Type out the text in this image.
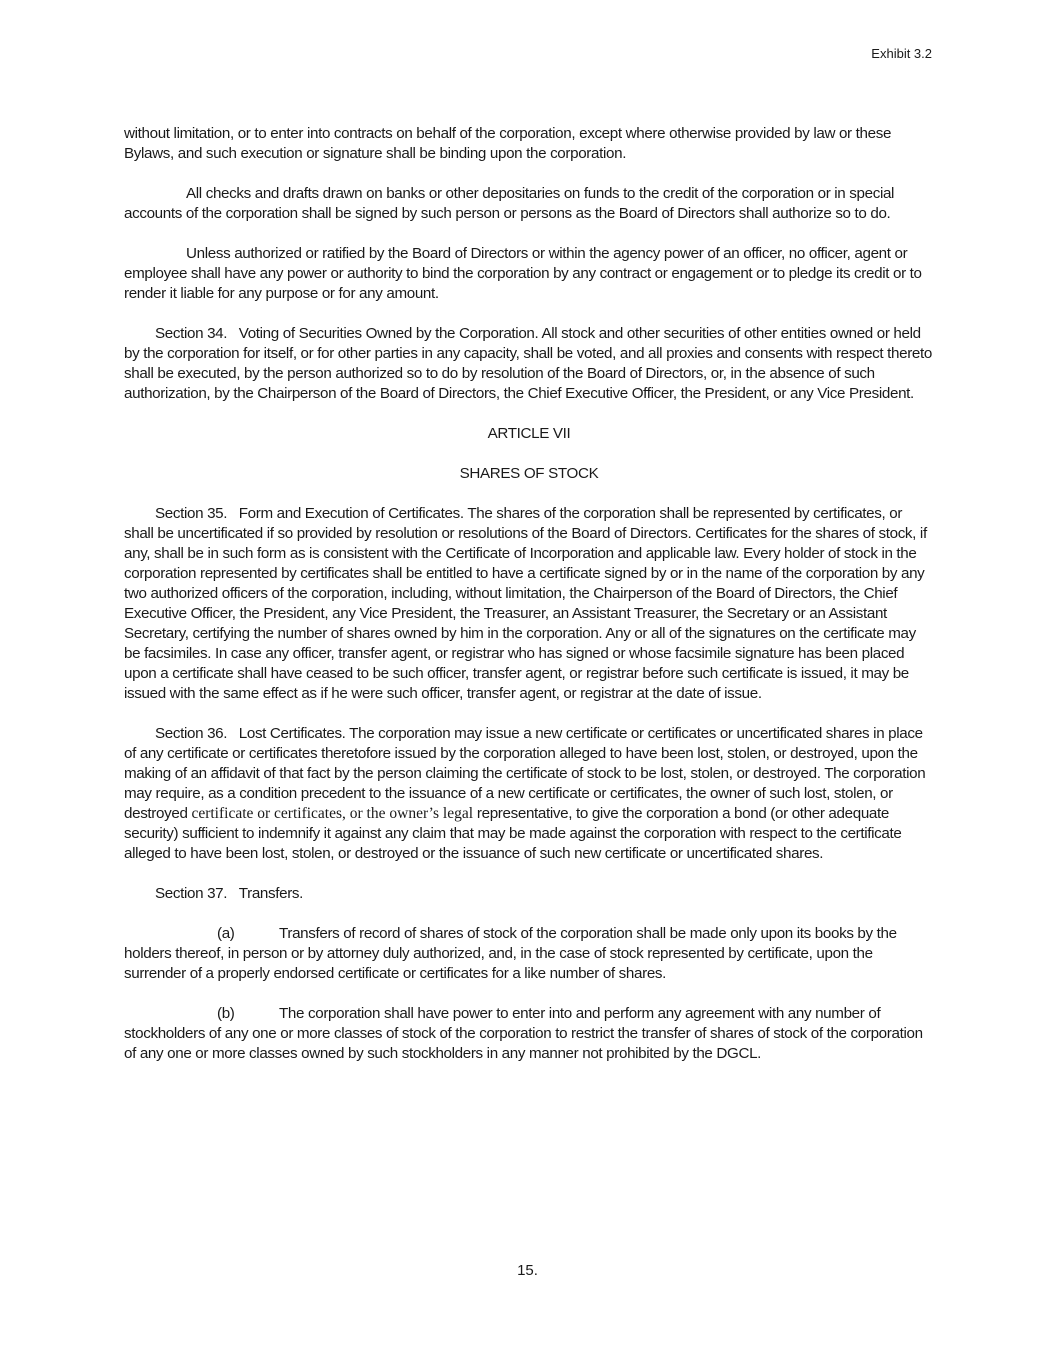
Exhibit 3.2

without limitation, or to enter into contracts on behalf of the corporation, except where otherwise provided by law or these Bylaws, and such execution or signature shall be binding upon the corporation.

All checks and drafts drawn on banks or other depositaries on funds to the credit of the corporation or in special accounts of the corporation shall be signed by such person or persons as the Board of Directors shall authorize so to do.

Unless authorized or ratified by the Board of Directors or within the agency power of an officer, no officer, agent or employee shall have any power or authority to bind the corporation by any contract or engagement or to pledge its credit or to render it liable for any purpose or for any amount.

Section 34. Voting of Securities Owned by the Corporation. All stock and other securities of other entities owned or held by the corporation for itself, or for other parties in any capacity, shall be voted, and all proxies and consents with respect thereto shall be executed, by the person authorized so to do by resolution of the Board of Directors, or, in the absence of such authorization, by the Chairperson of the Board of Directors, the Chief Executive Officer, the President, or any Vice President.

ARTICLE VII
SHARES OF STOCK

Section 35. Form and Execution of Certificates. The shares of the corporation shall be represented by certificates, or shall be uncertificated if so provided by resolution or resolutions of the Board of Directors. Certificates for the shares of stock, if any, shall be in such form as is consistent with the Certificate of Incorporation and applicable law. Every holder of stock in the corporation represented by certificates shall be entitled to have a certificate signed by or in the name of the corporation by any two authorized officers of the corporation, including, without limitation, the Chairperson of the Board of Directors, the Chief Executive Officer, the President, any Vice President, the Treasurer, an Assistant Treasurer, the Secretary or an Assistant Secretary, certifying the number of shares owned by him in the corporation. Any or all of the signatures on the certificate may be facsimiles. In case any officer, transfer agent, or registrar who has signed or whose facsimile signature has been placed upon a certificate shall have ceased to be such officer, transfer agent, or registrar before such certificate is issued, it may be issued with the same effect as if he were such officer, transfer agent, or registrar at the date of issue.

Section 36. Lost Certificates. The corporation may issue a new certificate or certificates or uncertificated shares in place of any certificate or certificates theretofore issued by the corporation alleged to have been lost, stolen, or destroyed, upon the making of an affidavit of that fact by the person claiming the certificate of stock to be lost, stolen, or destroyed. The corporation may require, as a condition precedent to the issuance of a new certificate or certificates, the owner of such lost, stolen, or destroyed certificate or certificates, or the owner’s legal representative, to give the corporation a bond (or other adequate security) sufficient to indemnify it against any claim that may be made against the corporation with respect to the certificate alleged to have been lost, stolen, or destroyed or the issuance of such new certificate or uncertificated shares.

Section 37. Transfers.

(a)	Transfers of record of shares of stock of the corporation shall be made only upon its books by the holders thereof, in person or by attorney duly authorized, and, in the case of stock represented by certificate, upon the surrender of a properly endorsed certificate or certificates for a like number of shares.

(b)	The corporation shall have power to enter into and perform any agreement with any number of stockholders of any one or more classes of stock of the corporation to restrict the transfer of shares of stock of the corporation of any one or more classes owned by such stockholders in any manner not prohibited by the DGCL.

15.
